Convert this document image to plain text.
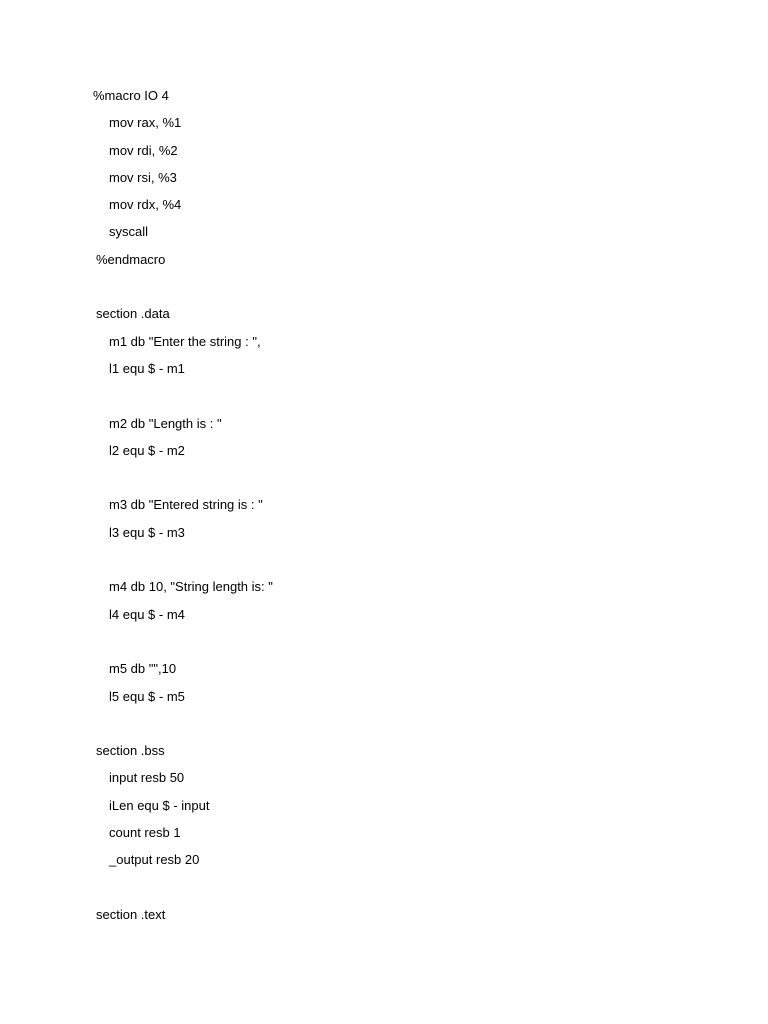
%macro IO 4
mov rax, %1
mov rdi, %2
mov rsi, %3
mov rdx, %4
syscall
%endmacro
section .data
m1 db "Enter the string : ",
l1 equ $ - m1
m2 db "Length is : "
l2 equ $ - m2
m3 db "Entered string is : "
l3 equ $ - m3
m4 db 10, "String length is: "
l4 equ $ - m4
m5 db "",10
l5 equ $ - m5
section .bss
input resb 50
iLen equ $ - input
count resb 1
_output resb 20
section .text
